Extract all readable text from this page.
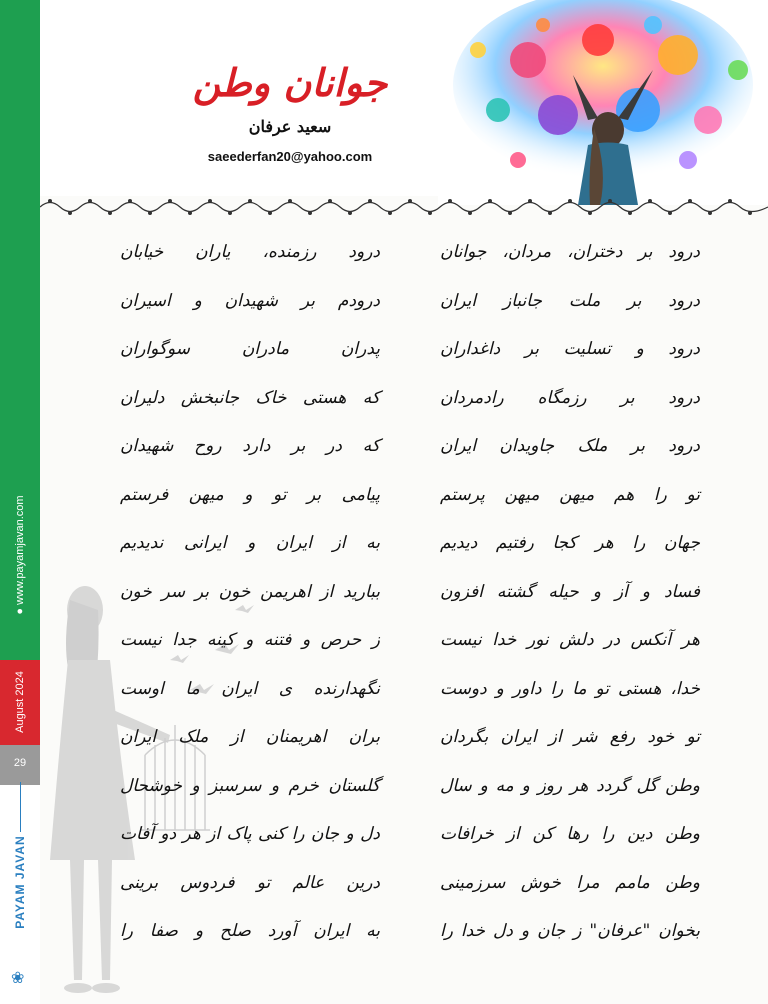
● www.payamjavan.com
August 2024
29
PAYAM JAVAN
❀
جوانان وطن
سعید عرفان
saeederfan20@yahoo.com
درود بر دختران، مردان، جوانان
درود رزمنده، یاران خیابان
درود بر ملت جانباز ایران
درودم بر شهیدان و اسیران
درود و تسلیت بر داغداران
پدران مادران سوگواران
درود بر رزمگاه رادمردان
که هستی خاک جانبخش دلیران
درود بر ملک جاویدان ایران
که در بر دارد روح شهیدان
تو را هم میهن میهن پرستم
پیامی بر تو و میهن فرستم
جهان را هر کجا رفتیم دیدیم
به از ایران و ایرانی ندیدیم
فساد و آز و حیله گشته افزون
ببارید از اهریمن خون بر سر خون
هر آنکس در دلش نور خدا نیست
ز حرص و فتنه و کینه جدا نیست
خدا، هستی تو ما را داور و دوست
نگهدارنده ی ایران ما اوست
تو خود رفع شر از ایران بگردان
بران اهریمنان از ملک ایران
وطن گل گردد هر روز و مه و سال
گلستان خرم و سرسبز و خوشحال
وطن دین را رها کن از خرافات
دل و جان را کنی پاک از هر دو آفات
وطن مامم مرا خوش سرزمینی
درین عالم تو فردوس برینی
بخوان "عرفان" ز جان و دل خدا را
به ایران آورد صلح و صفا را
